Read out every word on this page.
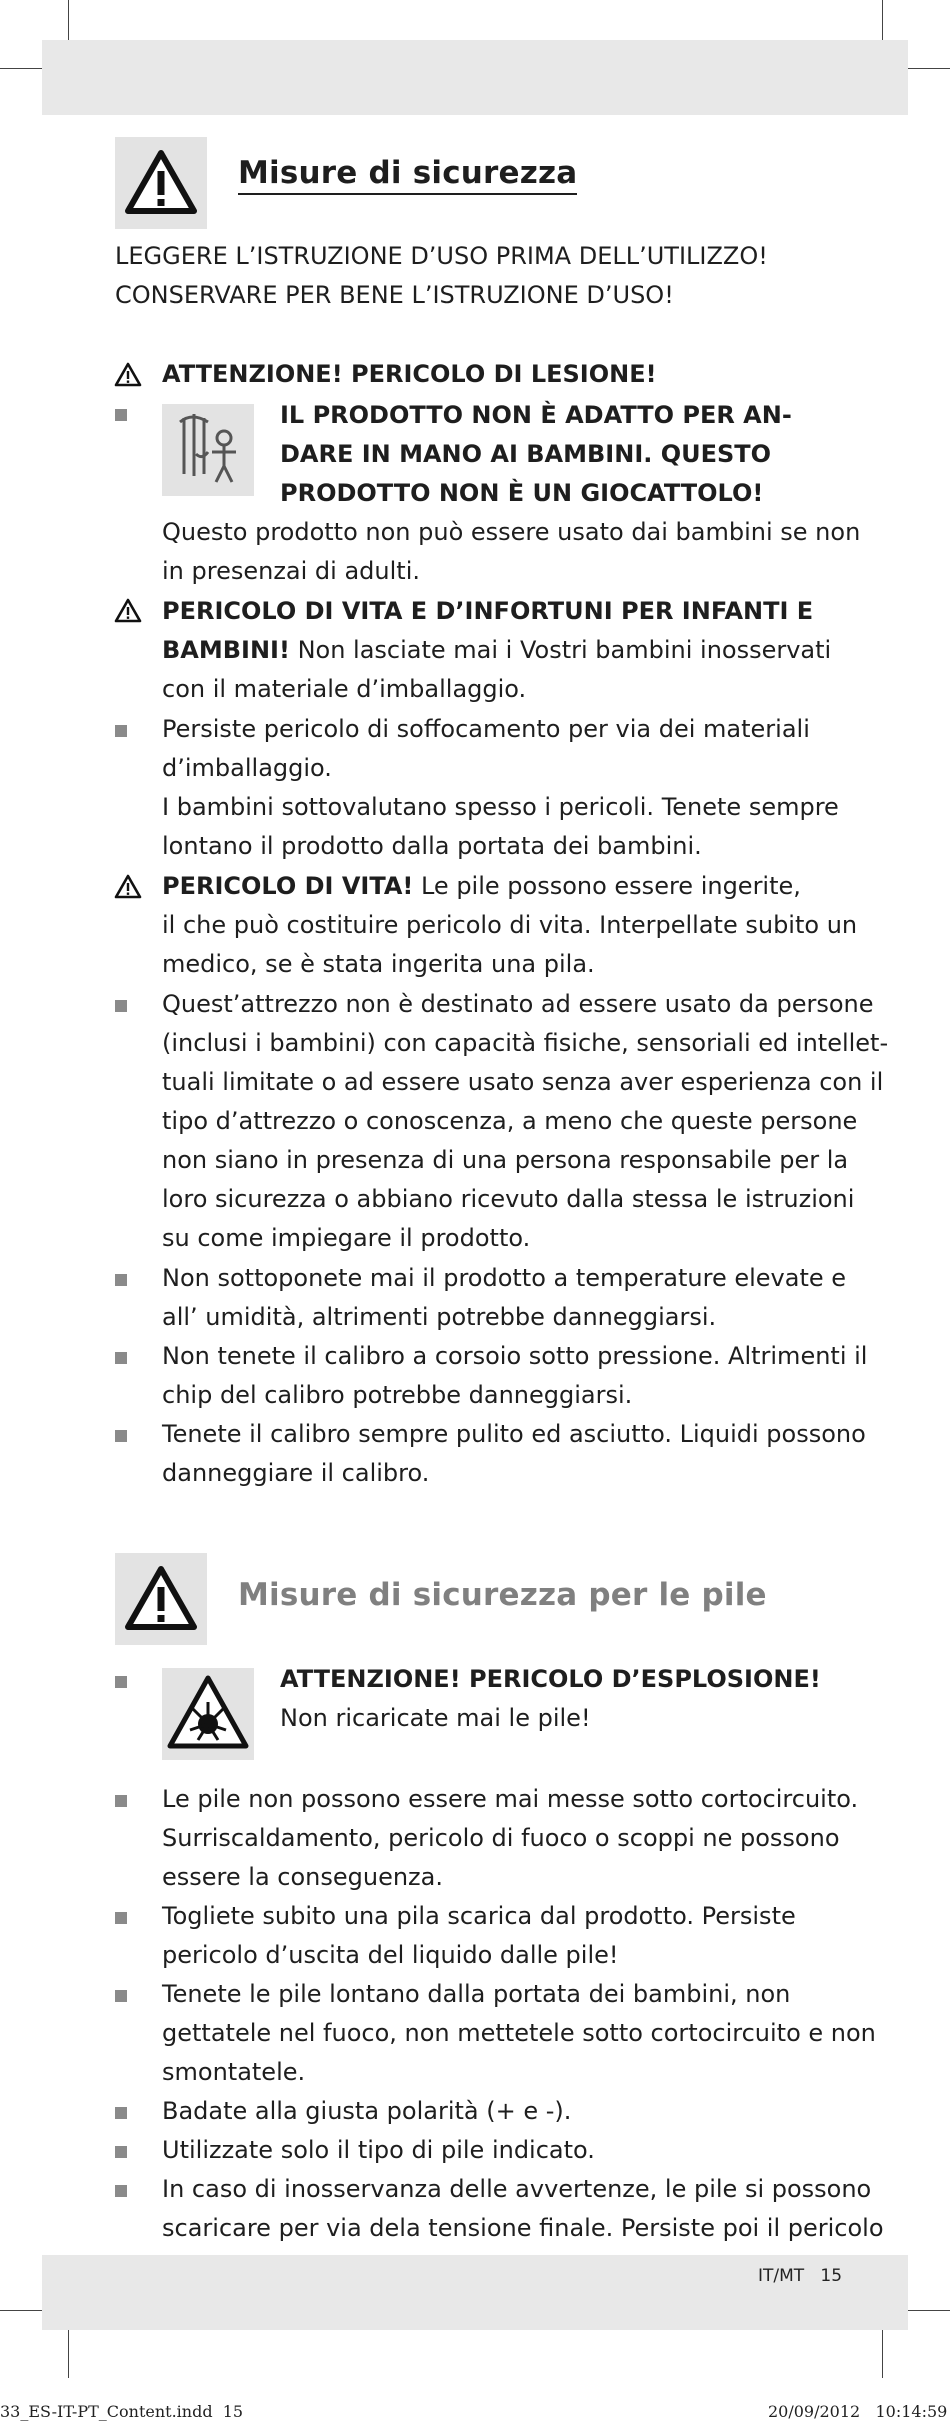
Misure di sicurezza
LEGGERE L’ISTRUZIONE D’USO PRIMA DELL’UTILIZZO!
CONSERVARE PER BENE L’ISTRUZIONE D’USO!
ATTENZIONE! PERICOLO DI LESIONE!
IL PRODOTTO NON È ADATTO PER AN-
DARE IN MANO AI BAMBINI. QUESTO
PRODOTTO NON È UN GIOCATTOLO!
Questo prodotto non può essere usato dai bambini se non
in presenzai di adulti.
PERICOLO DI VITA E D’INFORTUNI PER INFANTI E
BAMBINI! Non lasciate mai i Vostri bambini inosservati
con il materiale d’imballaggio.
Persiste pericolo di soffocamento per via dei materiali
d’imballaggio.
I bambini sottovalutano spesso i pericoli. Tenete sempre
lontano il prodotto dalla portata dei bambini.
PERICOLO DI VITA! Le pile possono essere ingerite,
il che può costituire pericolo di vita. Interpellate subito un
medico, se è stata ingerita una pila.
Quest’attrezzo non è destinato ad essere usato da persone
(inclusi i bambini) con capacità fisiche, sensoriali ed intellet-
tuali limitate o ad essere usato senza aver esperienza con il
tipo d’attrezzo o conoscenza, a meno che queste persone
non siano in presenza di una persona responsabile per la
loro sicurezza o abbiano ricevuto dalla stessa le istruzioni
su come impiegare il prodotto.
Non sottoponete mai il prodotto a temperature elevate e
all’ umidità, altrimenti potrebbe danneggiarsi.
Non tenete il calibro a corsoio sotto pressione. Altrimenti il
chip del calibro potrebbe danneggiarsi.
Tenete il calibro sempre pulito ed asciutto. Liquidi possono
danneggiare il calibro.
Misure di sicurezza per le pile
ATTENZIONE! PERICOLO D’ESPLOSIONE!
Non ricaricate mai le pile!
Le pile non possono essere mai messe sotto cortocircuito.
Surriscaldamento, pericolo di fuoco o scoppi ne possono
essere la conseguenza.
Togliete subito una pila scarica dal prodotto. Persiste
pericolo d’uscita del liquido dalle pile!
Tenete le pile lontano dalla portata dei bambini, non
gettatele nel fuoco, non mettetele sotto cortocircuito e non
smontatele.
Badate alla giusta polarità (+ e -).
Utilizzate solo il tipo di pile indicato.
In caso di inosservanza delle avvertenze, le pile si possono
scaricare per via dela tensione finale. Persiste poi il pericolo
IT/MT 15
33_ES-IT-PT_Content.indd 15	20/09/2012 10:14:59
